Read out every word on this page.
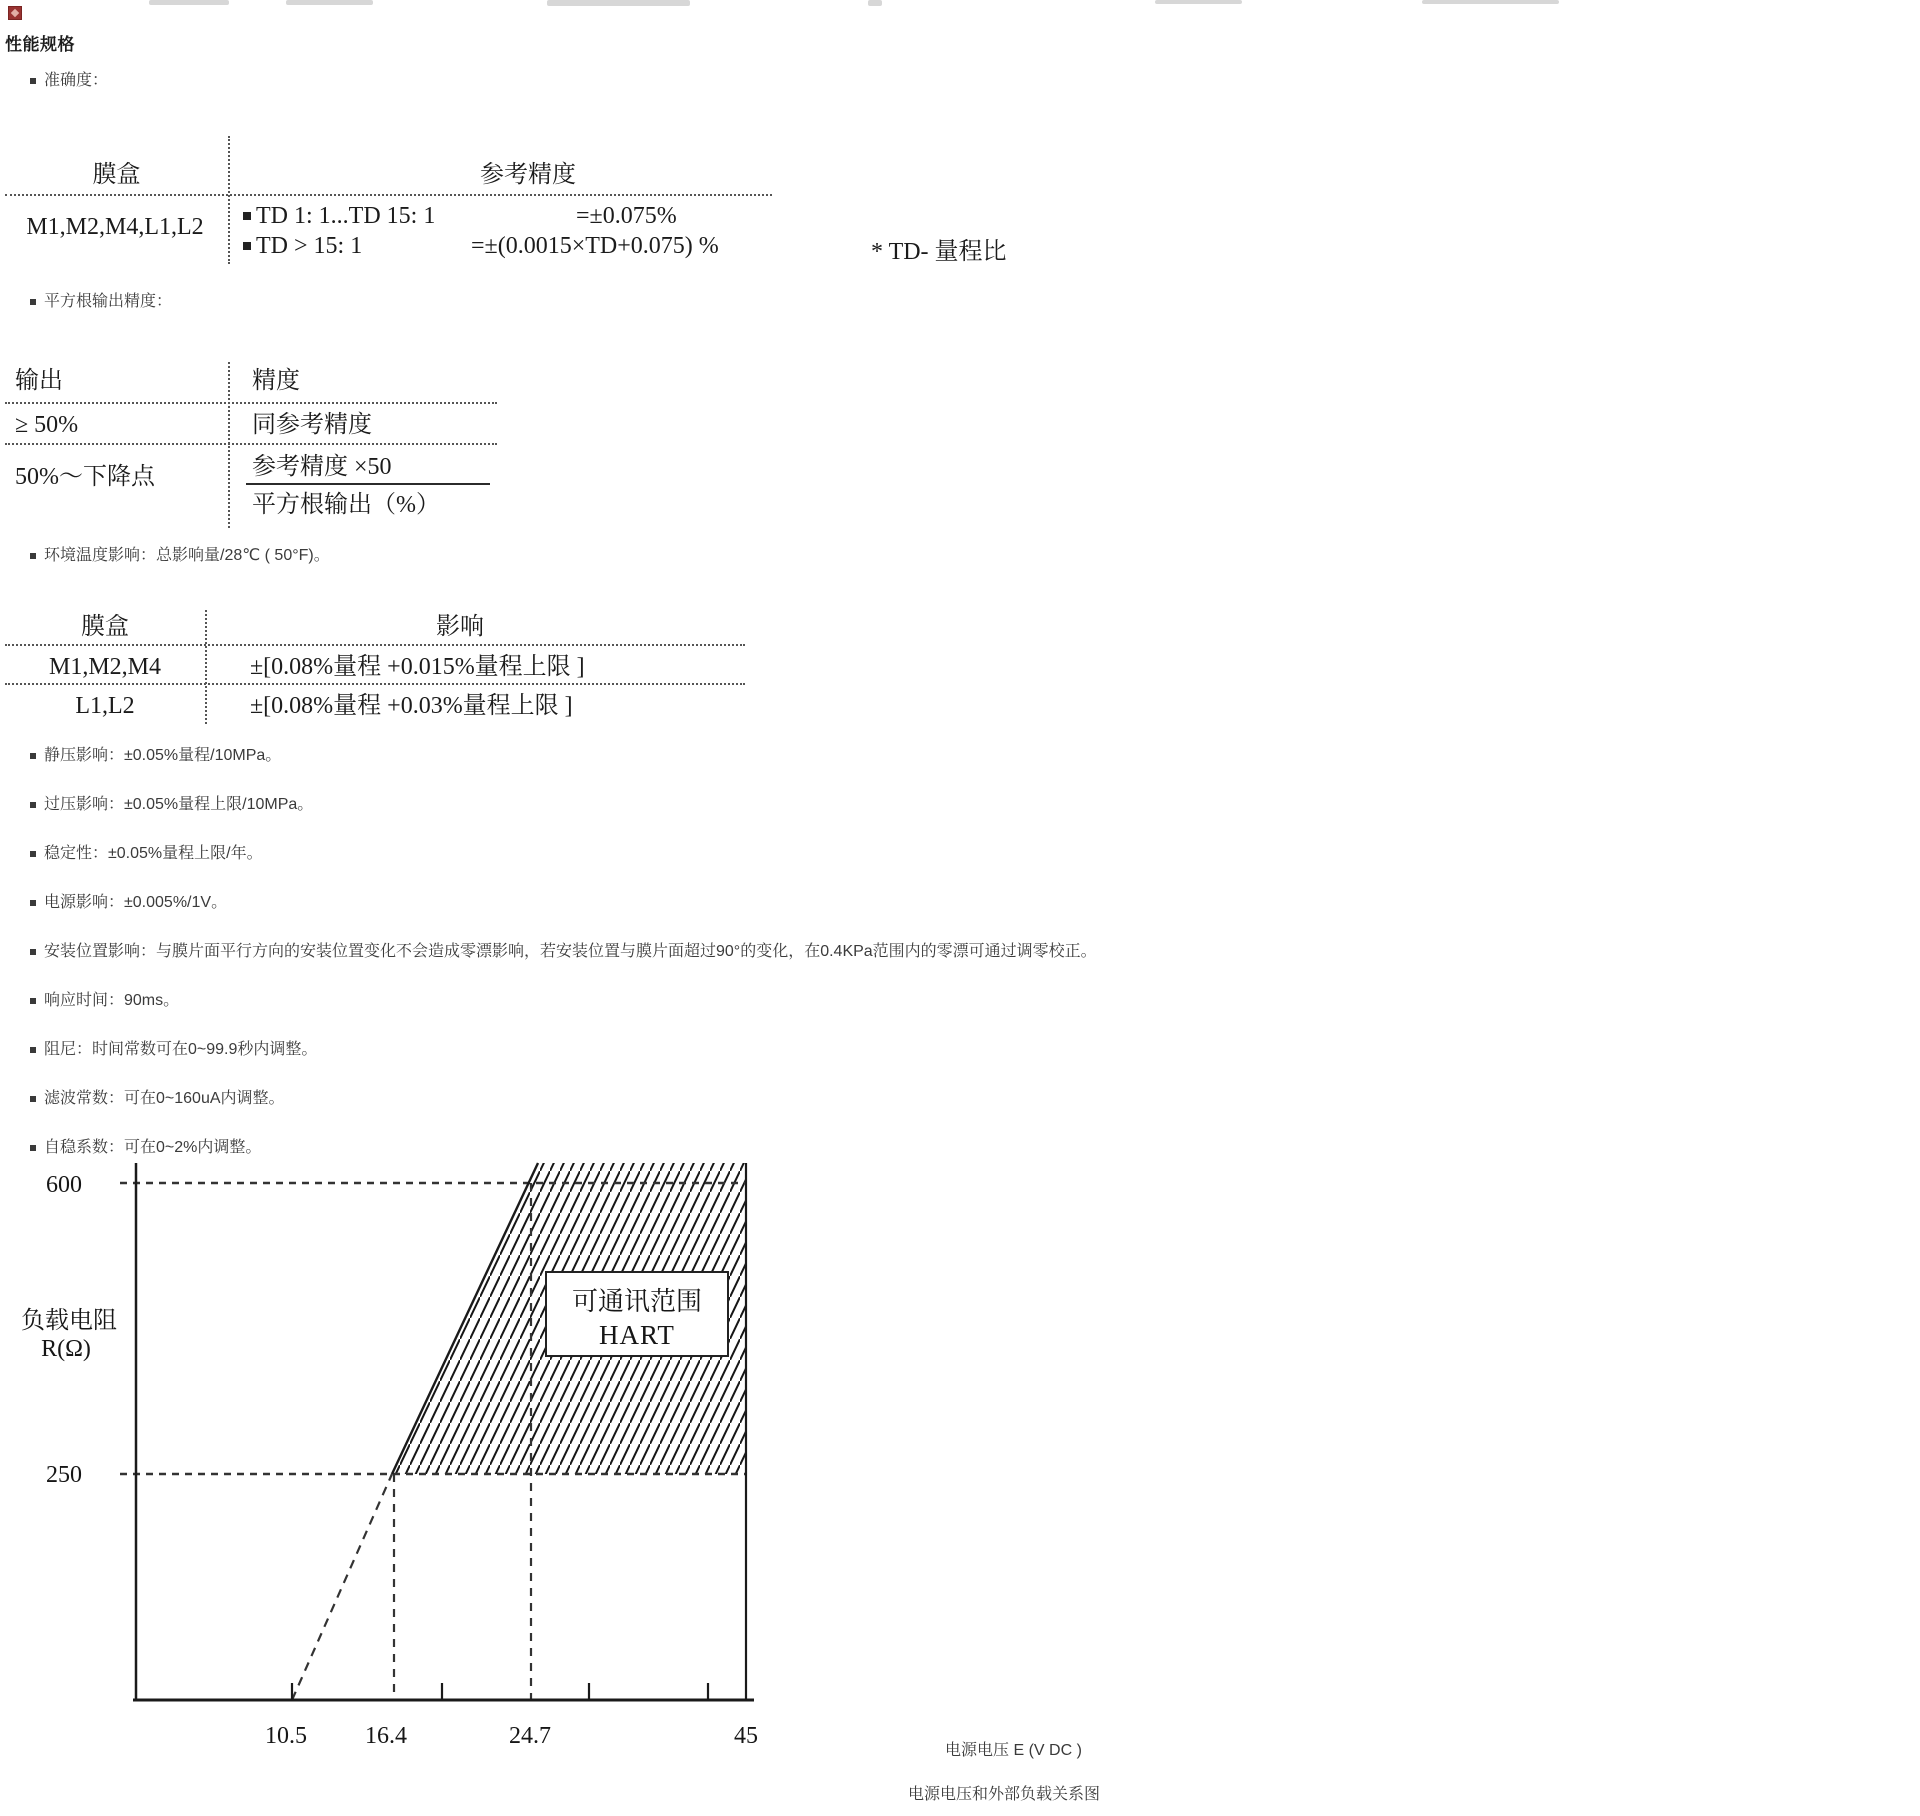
性能规格
准确度：
膜盒	参考精度
M1,M2,M4,L1,L2	TD 1: 1...TD 15: 1	=±0.075%
TD > 15: 1	=±(0.0015×TD+0.075) %	* TD- 量程比
平方根输出精度：
输出	精度
≥ 50%	同参考精度
50%～下降点	参考精度 ×50
平方根输出（%）
环境温度影响：总影响量/28℃ ( 50°F)。
膜盒	影响
M1,M2,M4	±[0.08%量程 +0.015%量程上限 ]
L1,L2	±[0.08%量程 +0.03%量程上限 ]
静压影响：±0.05%量程/10MPa。
过压影响：±0.05%量程上限/10MPa。
稳定性：±0.05%量程上限/年。
电源影响：±0.005%/1V。
安装位置影响：与膜片面平行方向的安装位置变化不会造成零漂影响，若安装位置与膜片面超过90°的变化，在0.4KPa范围内的零漂可通过调零校正。
响应时间：90ms。
阻尼：时间常数可在0~99.9秒内调整。
滤波常数：可在0~160uA内调整。
自稳系数：可在0~2%内调整。
可通讯范围
HART
600
250
负载电阻
R(Ω)
10.5 16.4	24.7	45
电源电压 E (V DC )
电源电压和外部负载关系图
